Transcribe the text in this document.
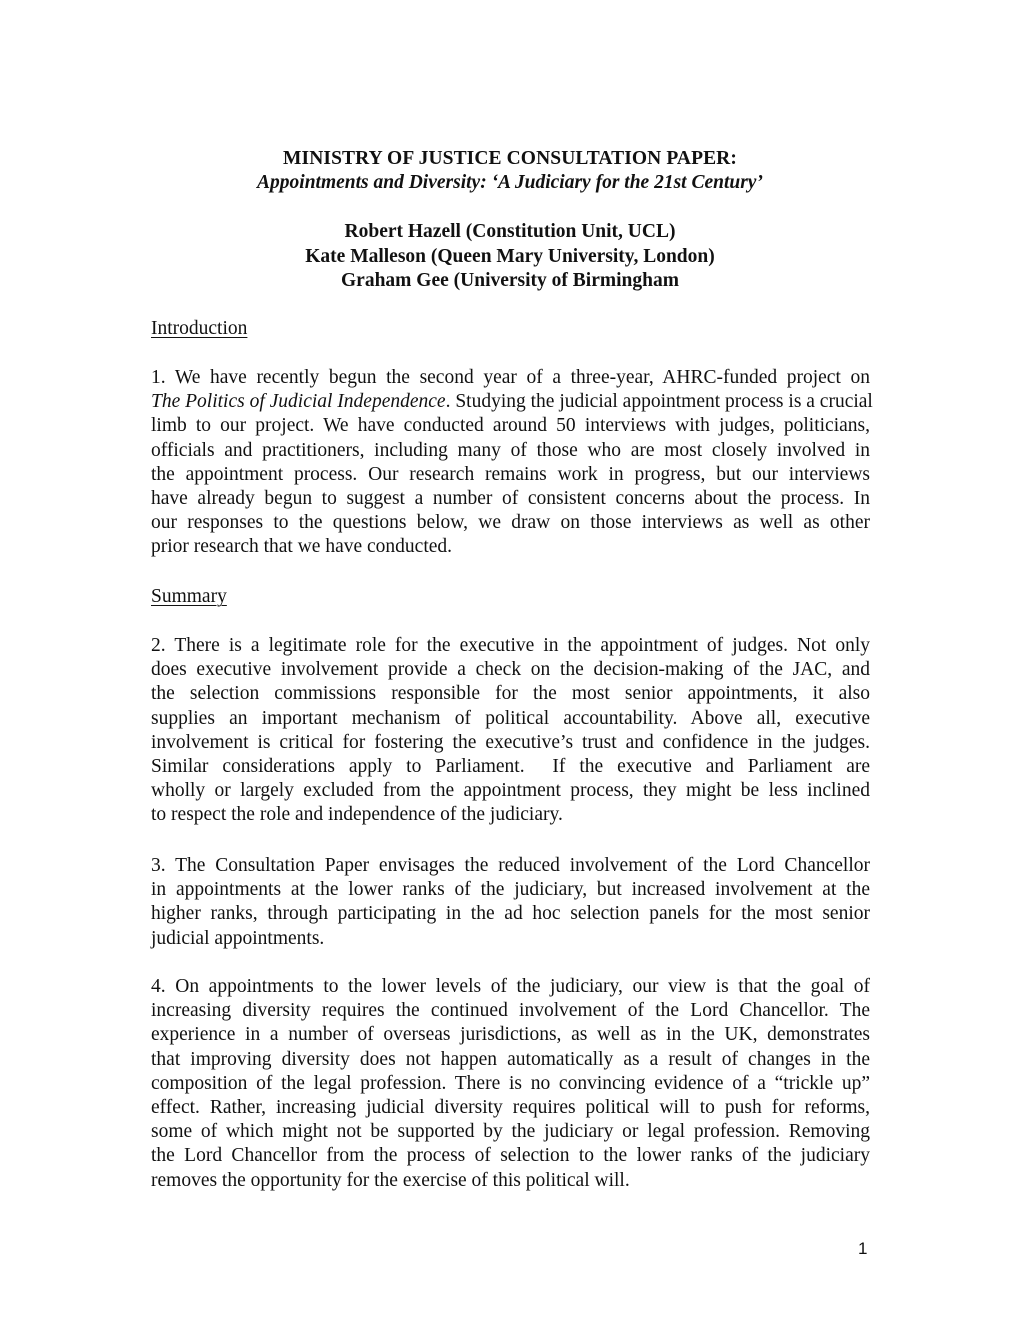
MINISTRY OF JUSTICE CONSULTATION PAPER:
Appointments and Diversity: ‘A Judiciary for the 21st Century’
Robert Hazell (Constitution Unit, UCL)
Kate Malleson (Queen Mary University, London)
Graham Gee (University of Birmingham
Introduction
1. We have recently begun the second year of a three-year, AHRC-funded project on
The Politics of Judicial Independence. Studying the judicial appointment process is a crucial
limb to our project. We have conducted around 50 interviews with judges, politicians,
officials and practitioners, including many of those who are most closely involved in
the appointment process. Our research remains work in progress, but our interviews
have already begun to suggest a number of consistent concerns about the process. In
our responses to the questions below, we draw on those interviews as well as other
prior research that we have conducted.
Summary
2. There is a legitimate role for the executive in the appointment of judges. Not only
does executive involvement provide a check on the decision-making of the JAC, and
the selection commissions responsible for the most senior appointments, it also
supplies an important mechanism of political accountability. Above all, executive
involvement is critical for fostering the executive’s trust and confidence in the judges.
Similar considerations apply to Parliament.  If the executive and Parliament are
wholly or largely excluded from the appointment process, they might be less inclined
to respect the role and independence of the judiciary.
3. The Consultation Paper envisages the reduced involvement of the Lord Chancellor
in appointments at the lower ranks of the judiciary, but increased involvement at the
higher ranks, through participating in the ad hoc selection panels for the most senior
judicial appointments.
4. On appointments to the lower levels of the judiciary, our view is that the goal of
increasing diversity requires the continued involvement of the Lord Chancellor. The
experience in a number of overseas jurisdictions, as well as in the UK, demonstrates
that improving diversity does not happen automatically as a result of changes in the
composition of the legal profession. There is no convincing evidence of a “trickle up”
effect. Rather, increasing judicial diversity requires political will to push for reforms,
some of which might not be supported by the judiciary or legal profession. Removing
the Lord Chancellor from the process of selection to the lower ranks of the judiciary
removes the opportunity for the exercise of this political will.
1
